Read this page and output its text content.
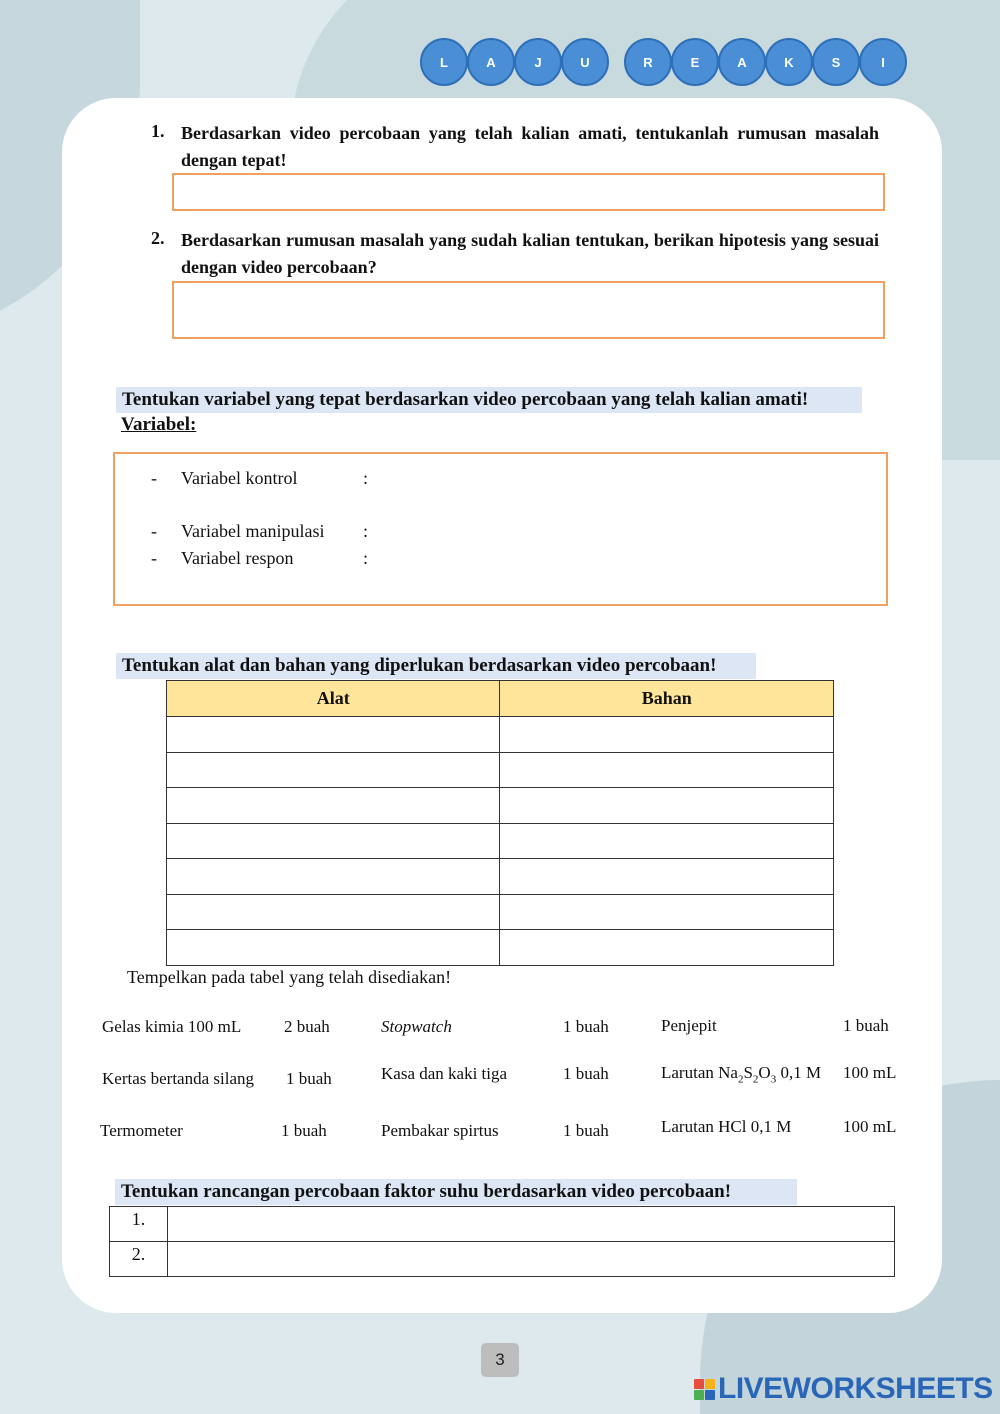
L	A	J	U	R	E	A	K	S	I
1. Berdasarkan video percobaan yang telah kalian amati, tentukanlah rumusan masalah dengan tepat!
2. Berdasarkan rumusan masalah yang sudah kalian tentukan, berikan hipotesis yang sesuai dengan video percobaan?
Tentukan variabel yang tepat berdasarkan video percobaan yang telah kalian amati!
Variabel:
-	Variabel kontrol	:
-	Variabel manipulasi	:
-	Variabel respon	:
Tentukan alat dan bahan yang diperlukan berdasarkan video percobaan!
Alat	Bahan

Tempelkan pada tabel yang telah disediakan!
Gelas kimia 100 mL	2 buah	Stopwatch	1 buah	Penjepit	1 buah
Kertas bertanda silang 1 buah	Kasa dan kaki tiga	1 buah	Larutan $Na_2S_2O_3$ 0,1 M 100 mL
Termometer	1 buah	Pembakar spirtus	1 buah	Larutan HCl 0,1 M	100 mL
Tentukan rancangan percobaan faktor suhu berdasarkan video percobaan!
1.	
2.	
3
LIVEWORKSHEETS
